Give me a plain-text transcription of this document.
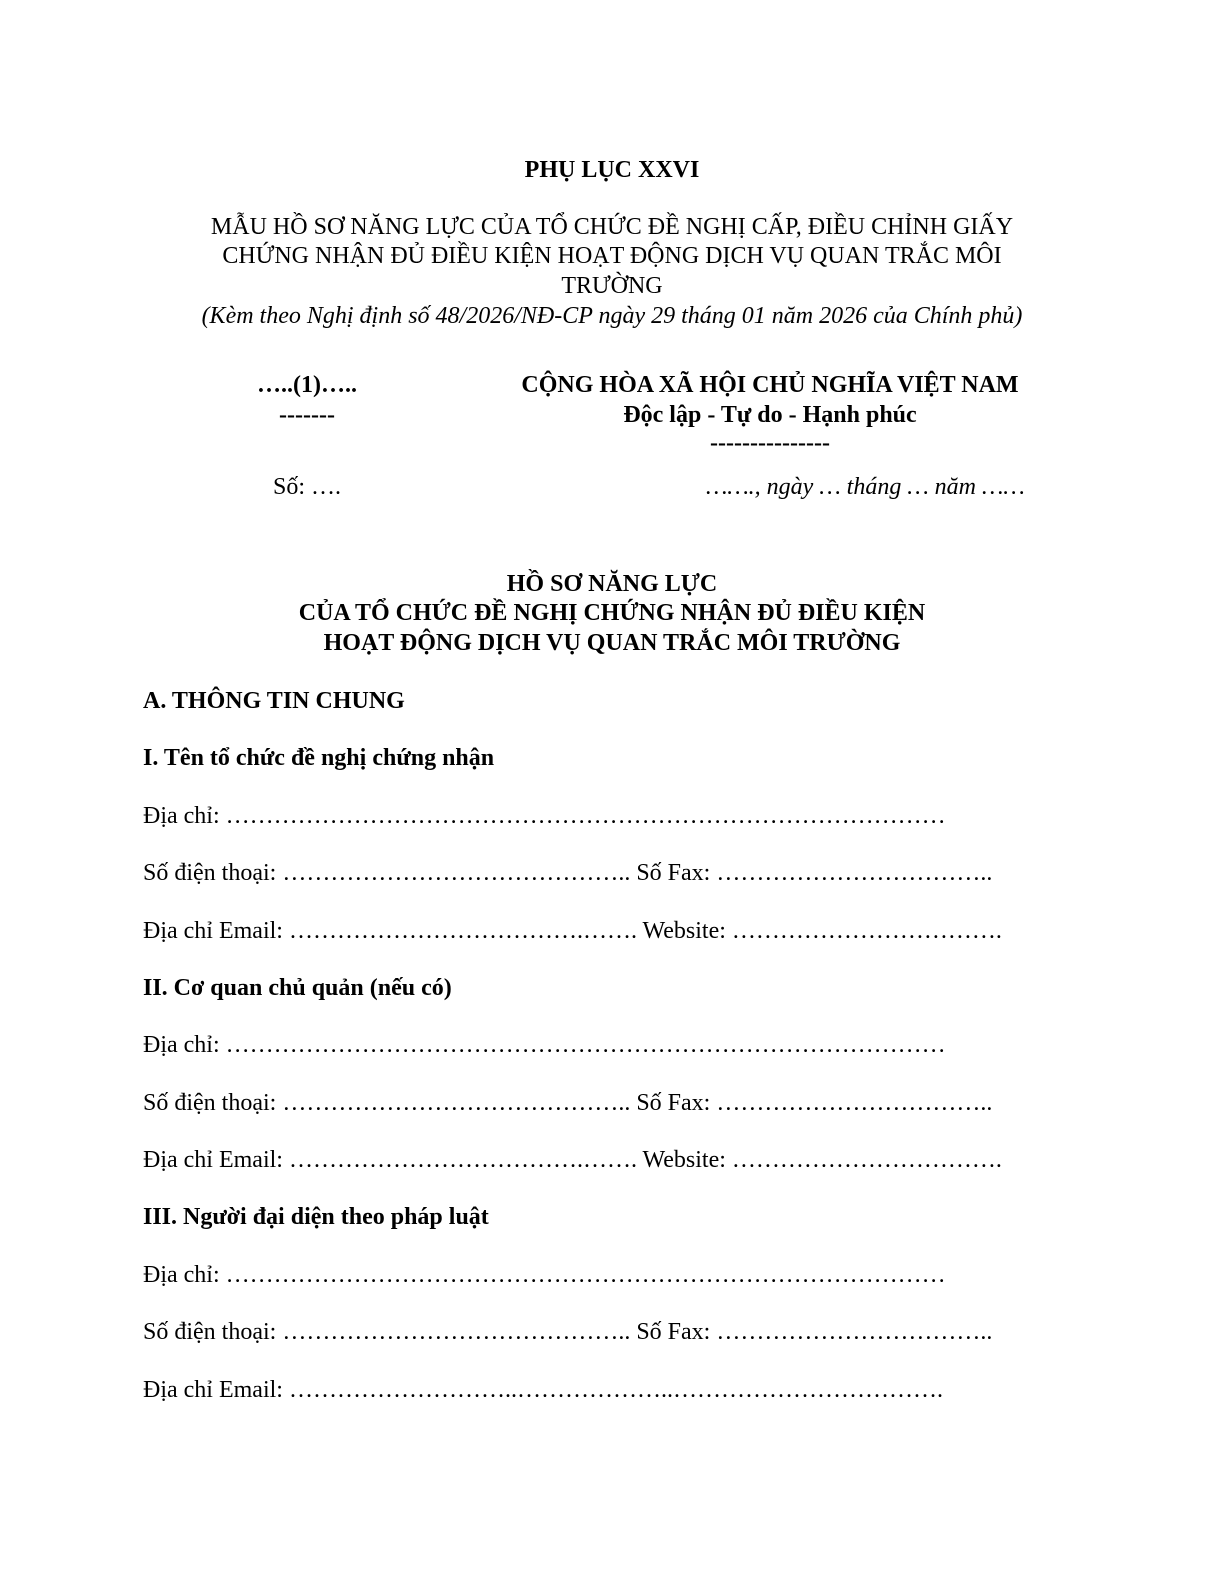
PHỤ LỤC XXVI
MẪU HỒ SƠ NĂNG LỰC CỦA TỔ CHỨC ĐỀ NGHỊ CẤP, ĐIỀU CHỈNH GIẤY
CHỨNG NHẬN ĐỦ ĐIỀU KIỆN HOẠT ĐỘNG DỊCH VỤ QUAN TRẮC MÔI
TRƯỜNG
(Kèm theo Nghị định số 48/2026/NĐ-CP ngày 29 tháng 01 năm 2026 của Chính phủ)
…..(1)…..
-------
Số: ….
CỘNG HÒA XÃ HỘI CHỦ NGHĨA VIỆT NAM
Độc lập - Tự do - Hạnh phúc
---------------
……., ngày … tháng … năm ……
HỒ SƠ NĂNG LỰC
CỦA TỔ CHỨC ĐỀ NGHỊ CHỨNG NHẬN ĐỦ ĐIỀU KIỆN
HOẠT ĐỘNG DỊCH VỤ QUAN TRẮC MÔI TRƯỜNG
A. THÔNG TIN CHUNG
I. Tên tổ chức đề nghị chứng nhận
Địa chỉ: ………………………………………………………………………………
Số điện thoại: …………………………………….. Số Fax: ……………………………..
Địa chỉ Email: ……………………………….……. Website: …………………………….
II. Cơ quan chủ quản (nếu có)
Địa chỉ: ………………………………………………………………………………
Số điện thoại: …………………………………….. Số Fax: ……………………………..
Địa chỉ Email: ……………………………….……. Website: …………………………….
III. Người đại diện theo pháp luật
Địa chỉ: ………………………………………………………………………………
Số điện thoại: …………………………………….. Số Fax: ……………………………..
Địa chỉ Email: ………………………..………………..…………………………….
